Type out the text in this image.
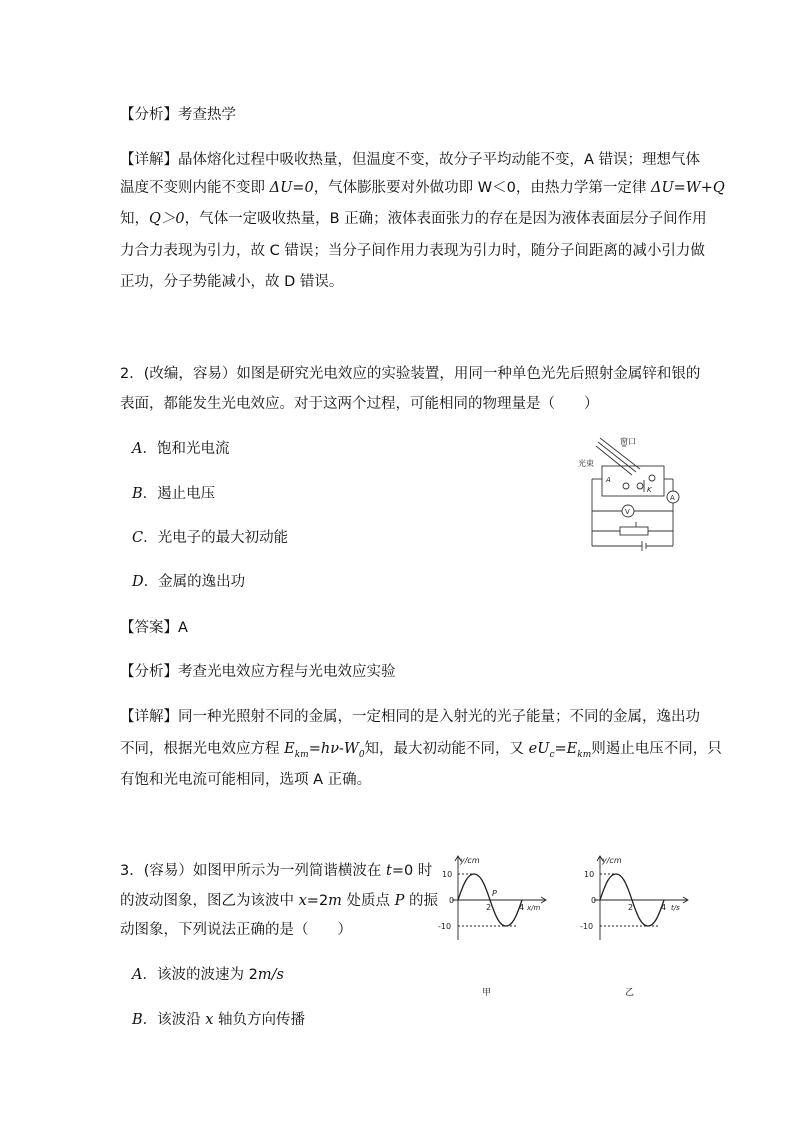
【分析】考查热学
【详解】晶体熔化过程中吸收热量，但温度不变，故分子平均动能不变，A 错误；理想气体
温度不变则内能不变即 ΔU=0，气体膨胀要对外做功即 W＜0，由热力学第一定律 ΔU=W+Q
知，Q＞0，气体一定吸收热量，B 正确；液体表面张力的存在是因为液体表面层分子间作用
力合力表现为引力，故 C 错误；当分子间作用力表现为引力时，随分子间距离的减小引力做
正功，分子势能减小，故 D 错误。
2．(改编，容易）如图是研究光电效应的实验装置，用同一种单色光先后照射金属锌和银的
表面，都能发生光电效应。对于这两个过程，可能相同的物理量是（　　）
A．饱和光电流
B．遏止电压
C．光电子的最大初动能
D．金属的逸出功
窗口
光束
A
K
A
V
【答案】A
【分析】考查光电效应方程与光电效应实验
【详解】同一种光照射不同的金属，一定相同的是入射光的光子能量；不同的金属，逸出功
不同，根据光电效应方程 $E_{km}=h\nu-W_0$知，最大初动能不同，又 $eU_c=E_{km}$则遏止电压不同，只
有饱和光电流可能相同，选项 A 正确。
3．(容易）如图甲所示为一列简谐横波在 t=0 时
的波动图象，图乙为该波中 x=2m 处质点 P 的振
动图象，下列说法正确的是（　　）
A．该波的波速为 2m/s
B．该波沿 x 轴负方向传播
y/cm
10
0
-10
2	4 x/m
P
甲
y/cm
10
0
-10
2	4 t/s
乙
